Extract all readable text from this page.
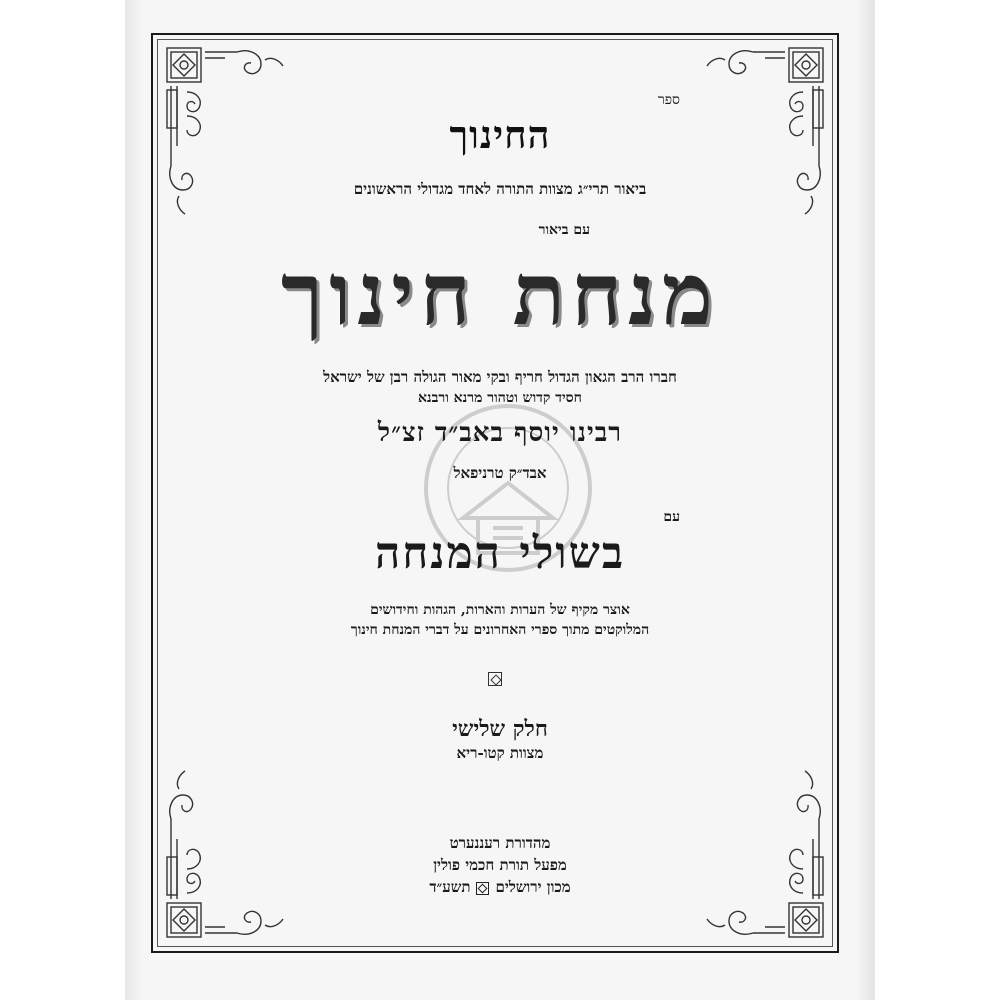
ספר
החינוך
ביאור תרי״ג מצוות התורה לאחד מגדולי הראשונים
עם ביאור
מנחת חינוך
חברו הרב הגאון הגדול חריף ובקי מאור הגולה רבן של ישראל
חסיד קדוש וטהור מרנא ורבנא
רבינו יוסף באב״ד זצ״ל
אבד״ק טרניפאל
עם
בשולי המנחה
אוצר מקיף של הערות והארות, הגהות וחידושים
המלוקטים מתוך ספרי האחרונים על דברי המנחת חינוך
חלק שלישי
מצוות קטו-ריא
מהדורת רעננערט
מפעל תורת חכמי פולין
מכון ירושליםתשע״ד
